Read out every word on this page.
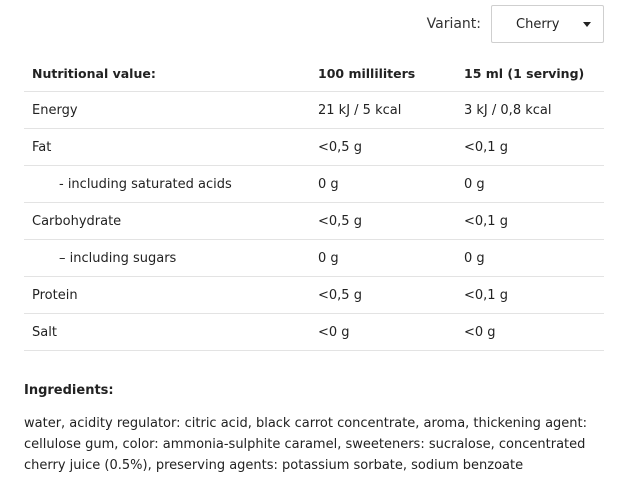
Variant:	Cherry
Nutritional value:	100 milliliters	15 ml (1 serving)
Energy	21 kJ / 5 kcal	3 kJ / 0,8 kcal
Fat	<0,5 g	<0,1 g
- including saturated acids	0 g	0 g
Carbohydrate	<0,5 g	<0,1 g
– including sugars	0 g	0 g
Protein	<0,5 g	<0,1 g
Salt	<0 g	<0 g
Ingredients:

water, acidity regulator: citric acid, black carrot concentrate, aroma, thickening agent: cellulose gum, color: ammonia-sulphite caramel, sweeteners: sucralose, concentrated cherry juice (0.5%), preserving agents: potassium sorbate, sodium benzoate
